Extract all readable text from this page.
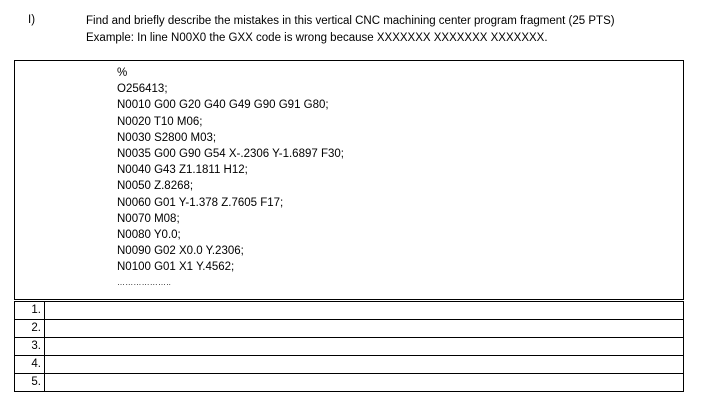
I)	Find and briefly describe the mistakes in this vertical CNC machining center program fragment (25 PTS)
Example: In line N00X0 the GXX code is wrong because XXXXXXX XXXXXXX XXXXXXX.
%
O256413;
N0010 G00 G20 G40 G49 G90 G91 G80;
N0020 T10 M06;
N0030 S2800 M03;
N0035 G00 G90 G54 X-.2306 Y-1.6897 F30;
N0040 G43 Z1.1811 H12;
N0050 Z.8268;
N0060 G01 Y-1.378 Z.7605 F17;
N0070 M08;
N0080 Y0.0;
N0090 G02 X0.0 Y.2306;
N0100 G01 X1 Y.4562;
………………..
1.	
2.	
3.	
4.	
5.	
